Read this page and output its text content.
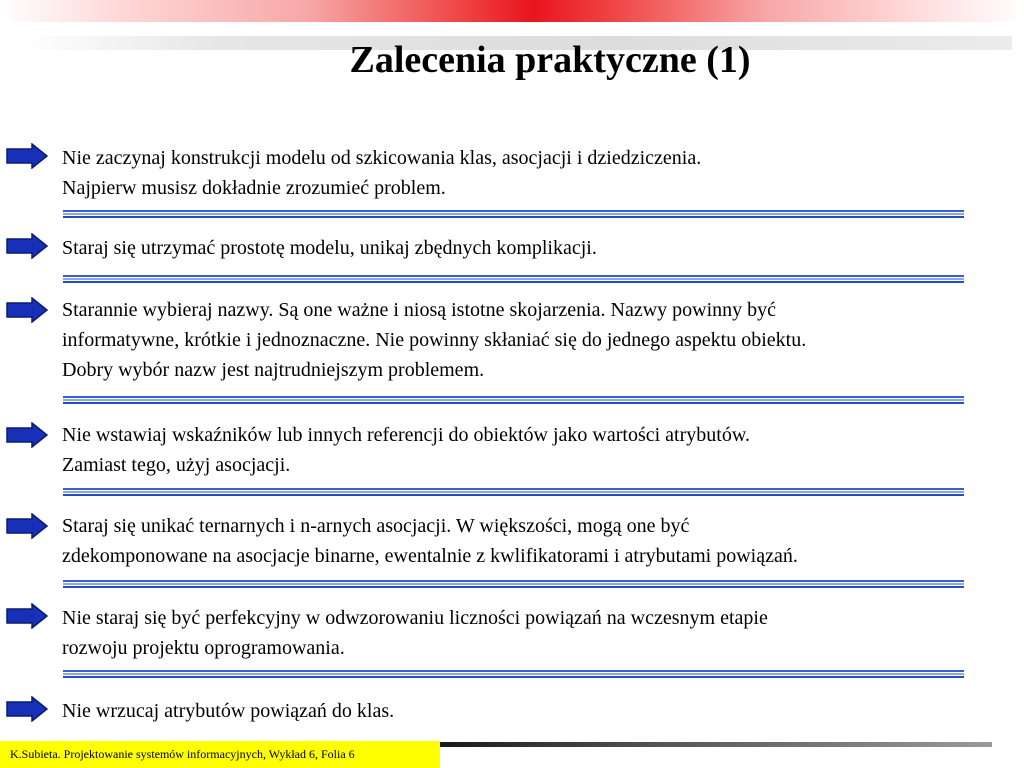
Zalecenia praktyczne (1)

Nie zaczynaj konstrukcji modelu od szkicowania klas, asocjacji i dziedziczenia.
Najpierw musisz dokładnie zrozumieć problem.

Staraj się utrzymać prostotę modelu, unikaj zbędnych komplikacji.

Starannie wybieraj nazwy. Są one ważne i niosą istotne skojarzenia. Nazwy powinny być
informatywne, krótkie i jednoznaczne. Nie powinny skłaniać się do jednego aspektu obiektu.
Dobry wybór nazw jest najtrudniejszym problemem.

Nie wstawiaj wskaźników lub innych referencji do obiektów jako wartości atrybutów.
Zamiast tego, użyj asocjacji.

Staraj się unikać ternarnych i n-arnych asocjacji. W większości, mogą one być
zdekomponowane na asocjacje binarne, ewentalnie z kwlifikatorami i atrybutami powiązań.

Nie staraj się być perfekcyjny w odwzorowaniu liczności powiązań na wczesnym etapie
rozwoju projektu oprogramowania.

Nie wrzucaj atrybutów powiązań do klas.

K.Subieta. Projektowanie systemów informacyjnych, Wykład 6, Folia 6
